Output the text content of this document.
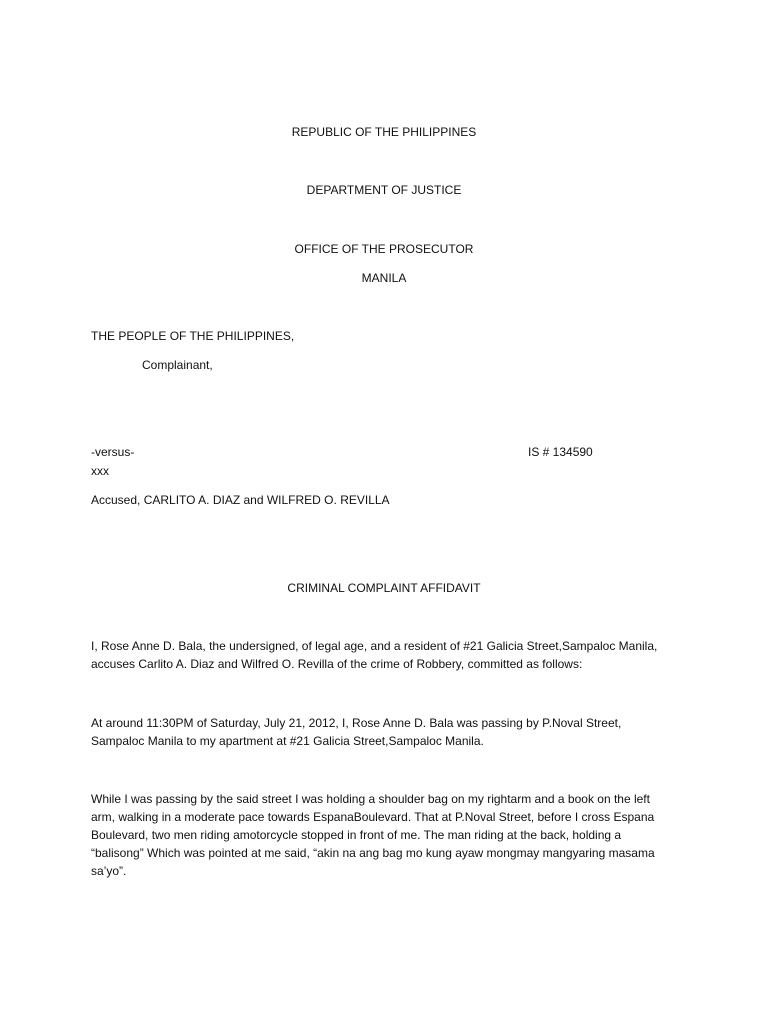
REPUBLIC OF THE PHILIPPINES
DEPARTMENT OF JUSTICE
OFFICE OF THE PROSECUTOR
MANILA
THE PEOPLE OF THE PHILIPPINES,
Complainant,
-versus-	IS # 134590
xxx
Accused, CARLITO A. DIAZ and WILFRED O. REVILLA
CRIMINAL COMPLAINT AFFIDAVIT
I, Rose Anne D. Bala, the undersigned, of legal age, and a resident of #21 Galicia Street,Sampaloc Manila, accuses Carlito A. Diaz and Wilfred O. Revilla of the crime of Robbery, committed as follows:
At around 11:30PM of Saturday, July 21, 2012, I, Rose Anne D. Bala was passing by P.Noval Street, Sampaloc Manila to my apartment at #21 Galicia Street,Sampaloc Manila.
While I was passing by the said street I was holding a shoulder bag on my rightarm and a book on the left arm, walking in a moderate pace towards EspanaBoulevard. That at P.Noval Street, before I cross Espana Boulevard, two men riding amotorcycle stopped in front of me. The man riding at the back, holding a “balisong” Which was pointed at me said, “akin na ang bag mo kung ayaw mongmay mangyaring masama sa’yo”.
